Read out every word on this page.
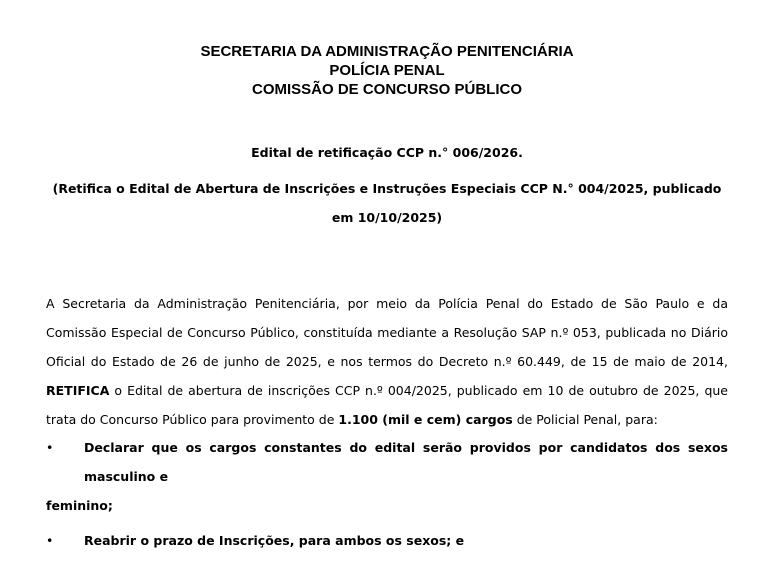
SECRETARIA DA ADMINISTRAÇÃO PENITENCIÁRIA
POLÍCIA PENAL
COMISSÃO DE CONCURSO PÚBLICO
Edital de retificação CCP n.° 006/2026.
(Retifica o Edital de Abertura de Inscrições e Instruções Especiais CCP N.° 004/2025, publicado em 10/10/2025)
A Secretaria da Administração Penitenciária, por meio da Polícia Penal do Estado de São Paulo e da Comissão Especial de Concurso Público, constituída mediante a Resolução SAP n.º 053, publicada no Diário Oficial do Estado de 26 de junho de 2025, e nos termos do Decreto n.º 60.449, de 15 de maio de 2014, RETIFICA o Edital de abertura de inscrições CCP n.º 004/2025, publicado em 10 de outubro de 2025, que trata do Concurso Público para provimento de 1.100 (mil e cem) cargos de Policial Penal, para:
• Declarar que os cargos constantes do edital serão providos por candidatos dos sexos masculino e
feminino;
• Reabrir o prazo de Inscrições, para ambos os sexos; e
